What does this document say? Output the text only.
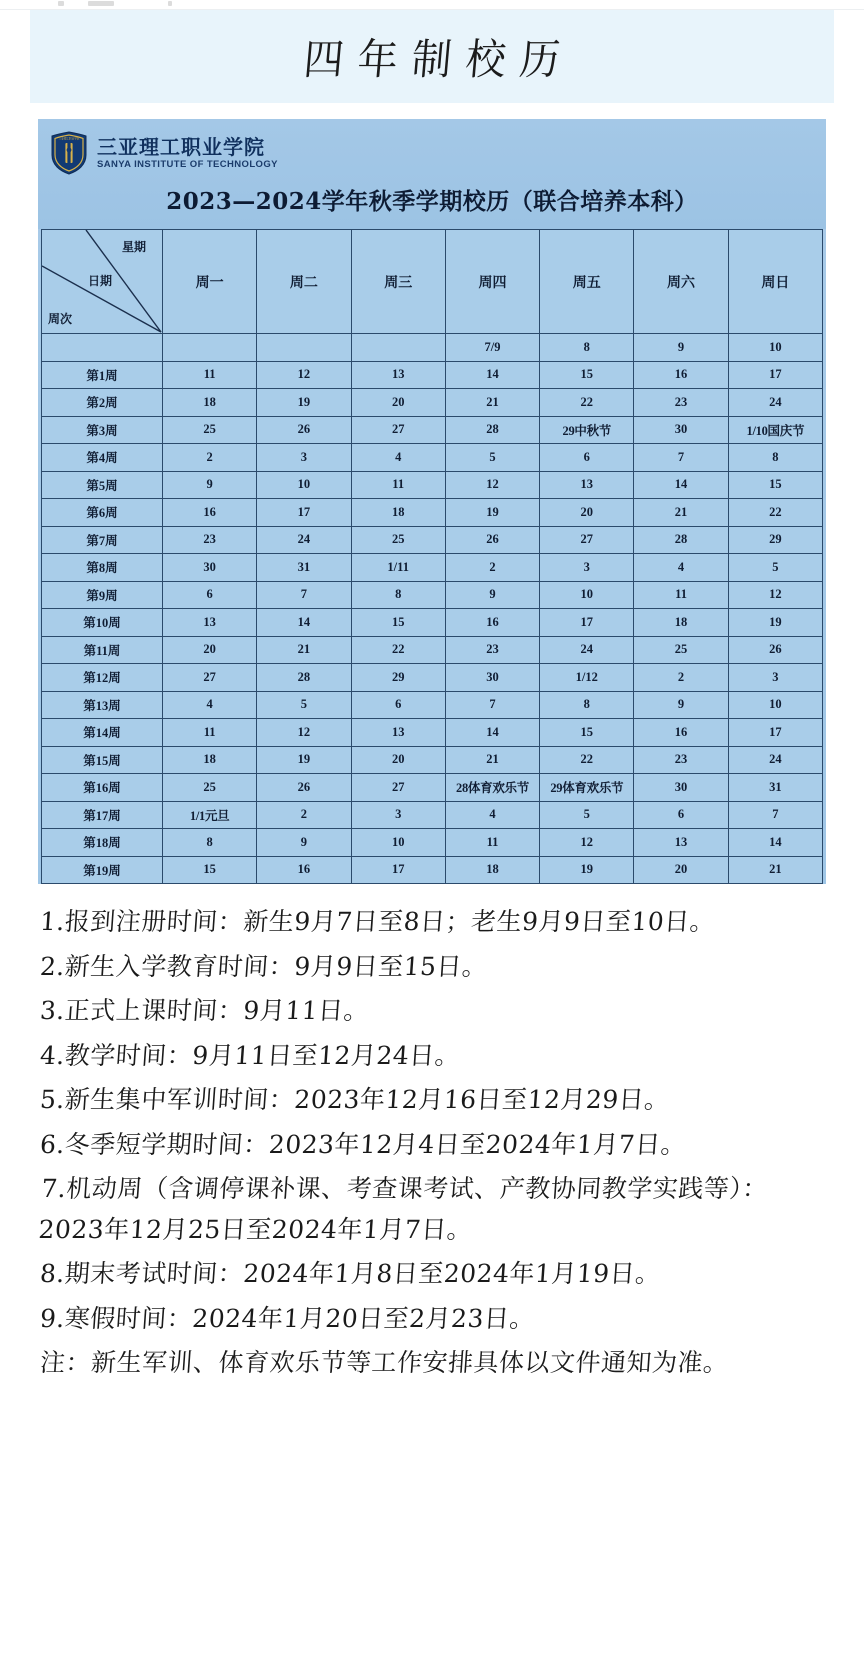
四年制校历
三亚理工职业学院 三亚理工职业学院
SANYA INSTITUTE OF TECHNOLOGY
2023—2024学年秋季学期校历（联合培养本科）
星期
日期
周次	周一	周二	周三	周四	周五	周六	周日
				7/9	8	9	10
第1周	11	12	13	14	15	16	17
第2周	18	19	20	21	22	23	24
第3周	25	26	27	28	29中秋节	30	1/10国庆节
第4周	2	3	4	5	6	7	8
第5周	9	10	11	12	13	14	15
第6周	16	17	18	19	20	21	22
第7周	23	24	25	26	27	28	29
第8周	30	31	1/11	2	3	4	5
第9周	6	7	8	9	10	11	12
第10周	13	14	15	16	17	18	19
第11周	20	21	22	23	24	25	26
第12周	27	28	29	30	1/12	2	3
第13周	4	5	6	7	8	9	10
第14周	11	12	13	14	15	16	17
第15周	18	19	20	21	22	23	24
第16周	25	26	27	28体育欢乐节	29体育欢乐节	30	31
第17周	1/1元旦	2	3	4	5	6	7
第18周	8	9	10	11	12	13	14
第19周	15	16	17	18	19	20	21

1.报到注册时间：新生9月7日至8日；老生9月9日至10日。

2.新生入学教育时间：9月9日至15日。

3.正式上课时间：9月11日。

4.教学时间：9月11日至12月24日。

5.新生集中军训时间：2023年12月16日至12月29日。

6.冬季短学期时间：2023年12月4日至2024年1月7日。

7.机动周（含调停课补课、考查课考试、产教协同教学实践等）：2023年12月25日至2024年1月7日。

8.期末考试时间：2024年1月8日至2024年1月19日。

9.寒假时间：2024年1月20日至2月23日。

注：新生军训、体育欢乐节等工作安排具体以文件通知为准。
